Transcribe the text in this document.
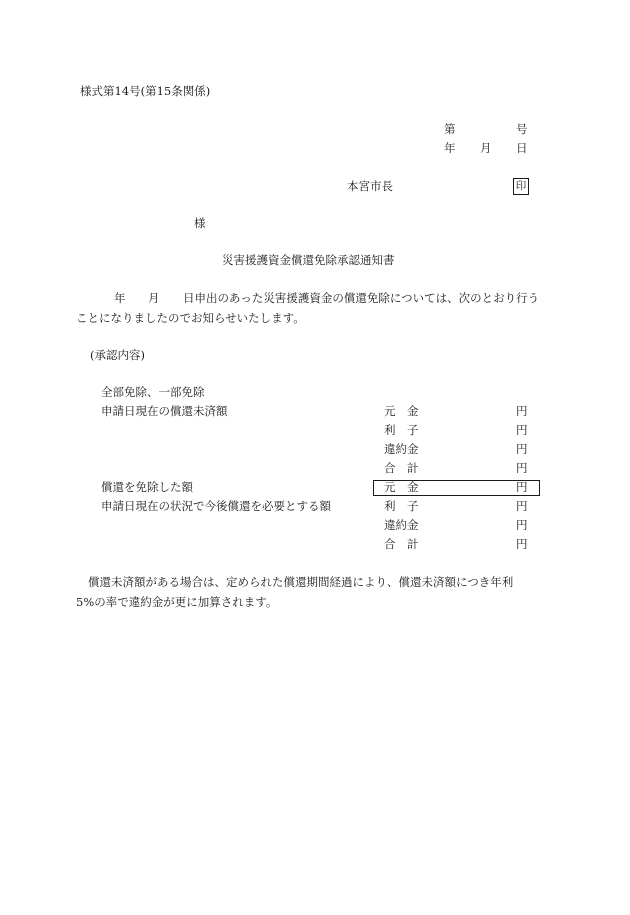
様式第14号(第15条関係)
第	号
年 月 日
本宮市長	印
様
災害援護資金償還免除承認通知書
年 月 日申出のあった災害援護資金の償還免除については、次のとおり行う
ことになりましたのでお知らせいたします。
(承認内容)
全部免除、一部免除
申請日現在の償還未済額	元　金	円
利　子	円
違約金	円
合　計	円
償還を免除した額	元　金	円
申請日現在の状況で今後償還を必要とする額	利　子	円
違約金	円
合　計	円
償還未済額がある場合は、定められた償還期間経過により、償還未済額につき年利
5%の率で違約金が更に加算されます。
